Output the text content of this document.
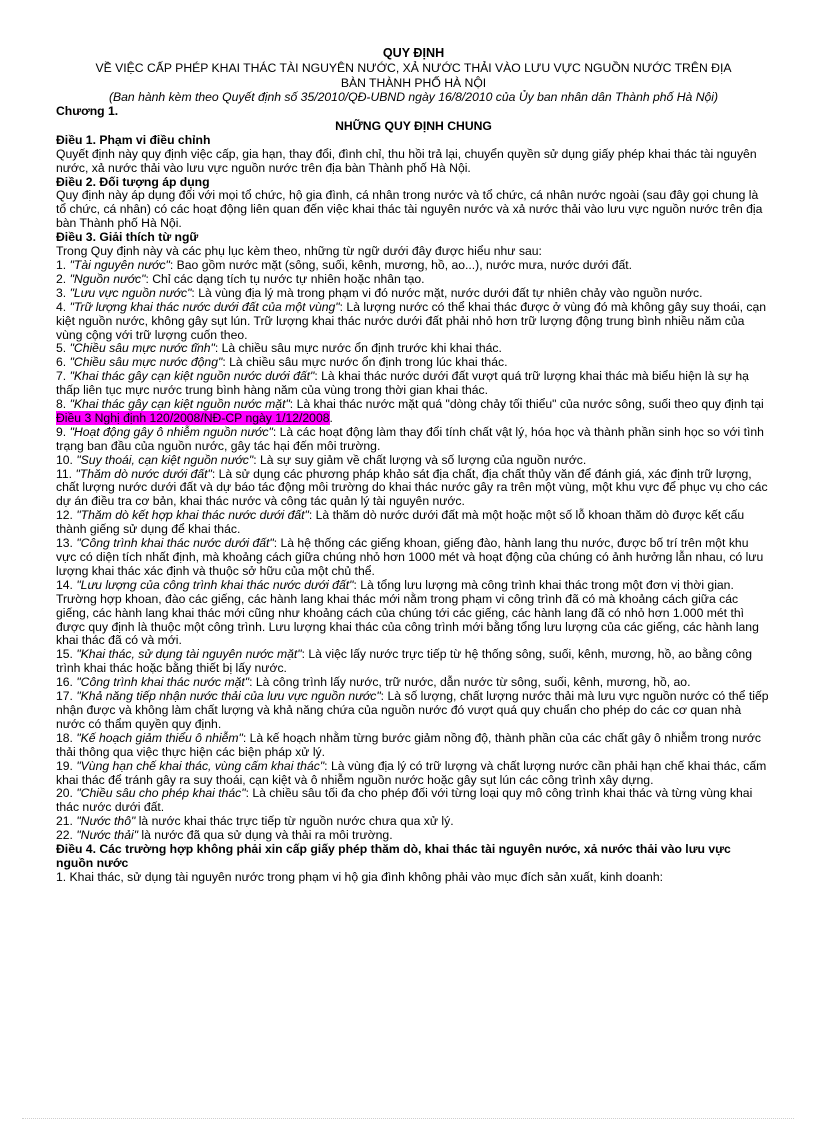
QUY ĐỊNH
VỀ VIỆC CẤP PHÉP KHAI THÁC TÀI NGUYÊN NƯỚC, XẢ NƯỚC THẢI VÀO LƯU VỰC NGUỒN NƯỚC TRÊN ĐỊA
BÀN THÀNH PHỐ HÀ NỘI
(Ban hành kèm theo Quyết định số 35/2010/QĐ-UBND ngày 16/8/2010 của Ủy ban nhân dân Thành phố Hà Nội)
Chương 1.
NHỮNG QUY ĐỊNH CHUNG
Điều 1. Phạm vi điều chỉnh

Quyết định này quy định việc cấp, gia hạn, thay đổi, đình chỉ, thu hồi trả lại, chuyển quyền sử dụng giấy phép khai thác tài nguyên nước, xả nước thải vào lưu vực nguồn nước trên địa bàn Thành phố Hà Nội.

Điều 2. Đối tượng áp dụng

Quy định này áp dụng đối với mọi tổ chức, hộ gia đình, cá nhân trong nước và tổ chức, cá nhân nước ngoài (sau đây gọi chung là tổ chức, cá nhân) có các hoạt động liên quan đến việc khai thác tài nguyên nước và xả nước thải vào lưu vực nguồn nước trên địa bàn Thành phố Hà Nội.

Điều 3. Giải thích từ ngữ

Trong Quy định này và các phụ lục kèm theo, những từ ngữ dưới đây được hiểu như sau:

1. "Tài nguyên nước": Bao gồm nước mặt (sông, suối, kênh, mương, hồ, ao...), nước mưa, nước dưới đất.

2. "Nguồn nước": Chỉ các dạng tích tụ nước tự nhiên hoặc nhân tạo.

3. "Lưu vực nguồn nước": Là vùng địa lý mà trong phạm vi đó nước mặt, nước dưới đất tự nhiên chảy vào nguồn nước.

4. "Trữ lượng khai thác nước dưới đất của một vùng": Là lượng nước có thể khai thác được ở vùng đó mà không gây suy thoái, cạn kiệt nguồn nước, không gây sụt lún. Trữ lượng khai thác nước dưới đất phải nhỏ hơn trữ lượng động trung bình nhiều năm của vùng cộng với trữ lượng cuốn theo.

5. "Chiều sâu mực nước tĩnh": Là chiều sâu mực nước ổn định trước khi khai thác.

6. "Chiều sâu mực nước động": Là chiều sâu mực nước ổn định trong lúc khai thác.

7. "Khai thác gây cạn kiệt nguồn nước dưới đất": Là khai thác nước dưới đất vượt quá trữ lượng khai thác mà biểu hiện là sự hạ thấp liên tục mực nước trung bình hàng năm của vùng trong thời gian khai thác.

8. "Khai thác gây cạn kiệt nguồn nước mặt": Là khai thác nước mặt quá "dòng chảy tối thiểu" của nước sông, suối theo quy định tại Điều 3 Nghị định 120/2008/NĐ-CP ngày 1/12/2008.

9. "Hoạt động gây ô nhiễm nguồn nước": Là các hoạt động làm thay đổi tính chất vật lý, hóa học và thành phần sinh học so với tình trạng ban đầu của nguồn nước, gây tác hại đến môi trường.

10. "Suy thoái, cạn kiệt nguồn nước": Là sự suy giảm về chất lượng và số lượng của nguồn nước.

11. "Thăm dò nước dưới đất": Là sử dụng các phương pháp khảo sát địa chất, địa chất thủy văn để đánh giá, xác định trữ lượng, chất lượng nước dưới đất và dự báo tác động môi trường do khai thác nước gây ra trên một vùng, một khu vực để phục vụ cho các dự án điều tra cơ bản, khai thác nước và công tác quản lý tài nguyên nước.

12. "Thăm dò kết hợp khai thác nước dưới đất": Là thăm dò nước dưới đất mà một hoặc một số lỗ khoan thăm dò được kết cấu thành giếng sử dụng để khai thác.

13. "Công trình khai thác nước dưới đất": Là hệ thống các giếng khoan, giếng đào, hành lang thu nước, được bố trí trên một khu vực có diện tích nhất định, mà khoảng cách giữa chúng nhỏ hơn 1000 mét và hoạt động của chúng có ảnh hưởng lẫn nhau, có lưu lượng khai thác xác định và thuộc sở hữu của một chủ thể.

14. "Lưu lượng của công trình khai thác nước dưới đất": Là tổng lưu lượng mà công trình khai thác trong một đơn vị thời gian.

Trường hợp khoan, đào các giếng, các hành lang khai thác mới nằm trong phạm vi công trình đã có mà khoảng cách giữa các giếng, các hành lang khai thác mới cũng như khoảng cách của chúng tới các giếng, các hành lang đã có nhỏ hơn 1.000 mét thì được quy định là thuộc một công trình. Lưu lượng khai thác của công trình mới bằng tổng lưu lượng của các giếng, các hành lang khai thác đã có và mới.

15. "Khai thác, sử dụng tài nguyên nước mặt": Là việc lấy nước trực tiếp từ hệ thống sông, suối, kênh, mương, hồ, ao bằng công trình khai thác hoặc bằng thiết bị lấy nước.

16. "Công trình khai thác nước mặt": Là công trình lấy nước, trữ nước, dẫn nước từ sông, suối, kênh, mương, hồ, ao.

17. "Khả năng tiếp nhận nước thải của lưu vực nguồn nước": Là số lượng, chất lượng nước thải mà lưu vực nguồn nước có thể tiếp nhận được và không làm chất lượng và khả năng chứa của nguồn nước đó vượt quá quy chuẩn cho phép do các cơ quan nhà nước có thẩm quyền quy định.

18. "Kế hoạch giảm thiểu ô nhiễm": Là kế hoạch nhằm từng bước giảm nồng độ, thành phần của các chất gây ô nhiễm trong nước thải thông qua việc thực hiện các biện pháp xử lý.

19. "Vùng hạn chế khai thác, vùng cấm khai thác": Là vùng địa lý có trữ lượng và chất lượng nước cần phải hạn chế khai thác, cấm khai thác để tránh gây ra suy thoái, cạn kiệt và ô nhiễm nguồn nước hoặc gây sụt lún các công trình xây dựng.

20. "Chiều sâu cho phép khai thác": Là chiều sâu tối đa cho phép đối với từng loại quy mô công trình khai thác và từng vùng khai thác nước dưới đất.

21. "Nước thô" là nước khai thác trực tiếp từ nguồn nước chưa qua xử lý.

22. "Nước thải" là nước đã qua sử dụng và thải ra môi trường.

Điều 4. Các trường hợp không phải xin cấp giấy phép thăm dò, khai thác tài nguyên nước, xả nước thải vào lưu vực nguồn nước

1. Khai thác, sử dụng tài nguyên nước trong phạm vi hộ gia đình không phải vào mục đích sản xuất, kinh doanh:
